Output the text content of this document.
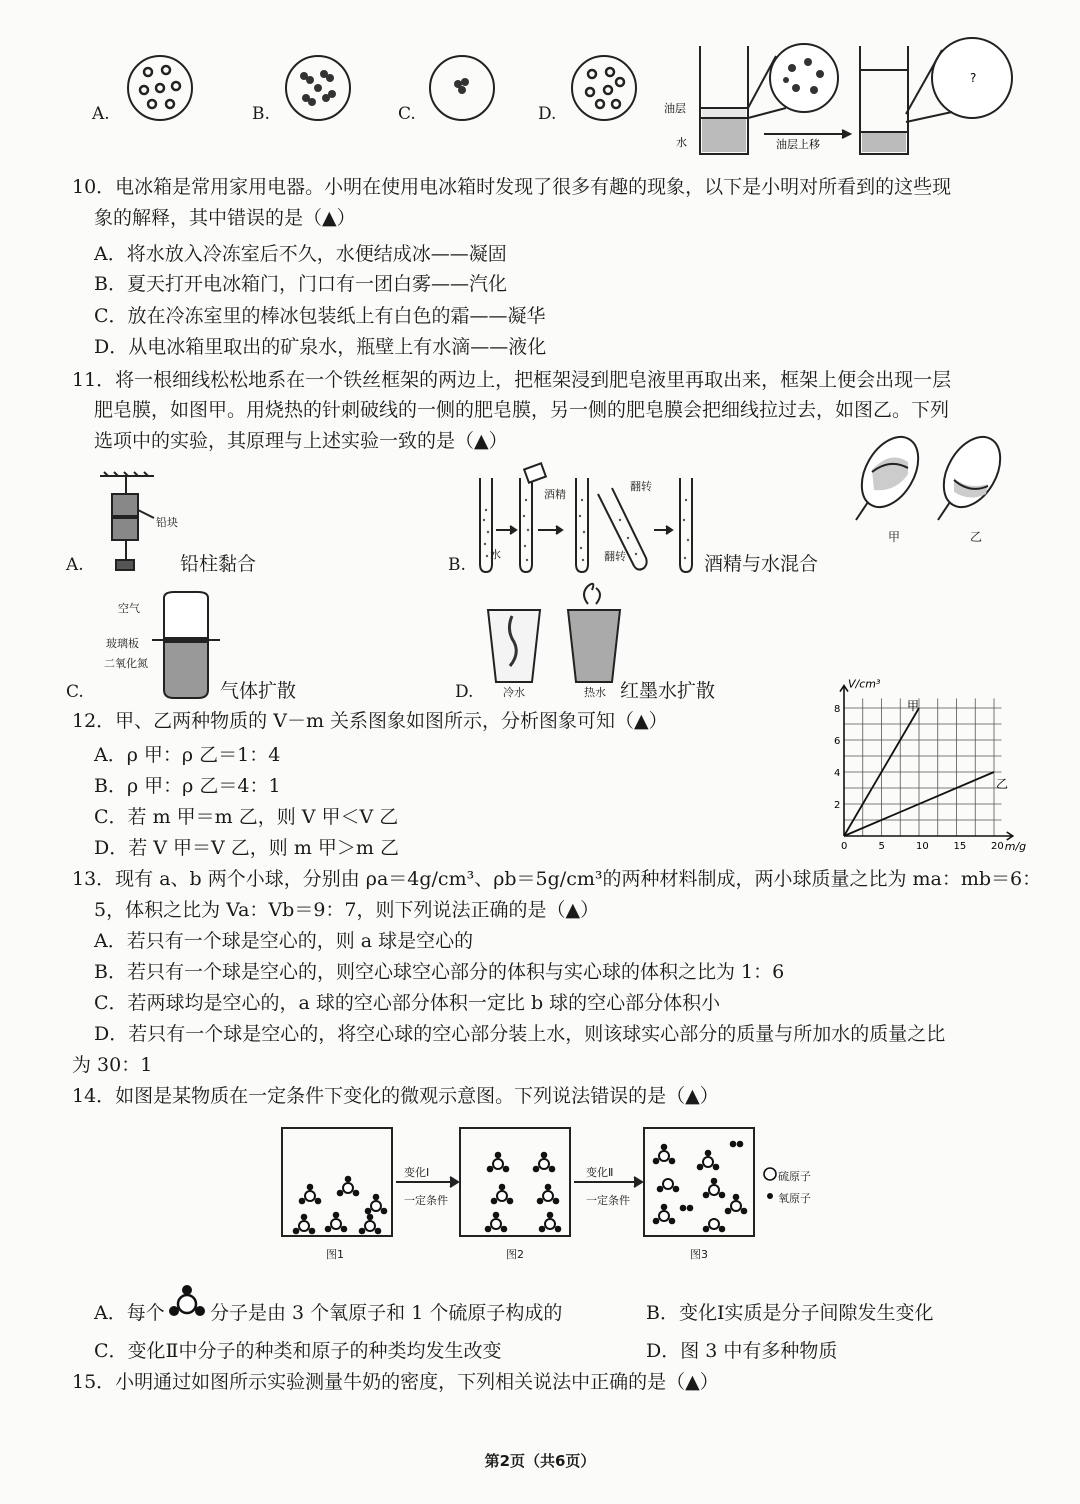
A.	B.	C.	D.	油层
水	油层上移
?
10．电冰箱是常用家用电器。小明在使用电冰箱时发现了很多有趣的现象，以下是小明对所看到的这些现
象的解释，其中错误的是（▲）
A．将水放入冷冻室后不久，水便结成冰——凝固
B．夏天打开电冰箱门，门口有一团白雾——汽化
C．放在冷冻室里的棒冰包装纸上有白色的霜——凝华
D．从电冰箱里取出的矿泉水，瓶壁上有水滴——液化
11．将一根细线松松地系在一个铁丝框架的两边上，把框架浸到肥皂液里再取出来，框架上便会出现一层
肥皂膜，如图甲。用烧热的针刺破线的一侧的肥皂膜，另一侧的肥皂膜会把细线拉过去，如图乙。下列
选项中的实验，其原理与上述实验一致的是（▲）
甲	乙
铅块
A.	铅柱黏合
酒精
水
翻转
翻转
B.	酒精与水混合
空气
玻璃板
二氧化氮
C.	气体扩散	冷水	热水
D.	红墨水扩散
12．甲、乙两种物质的 V－m 关系图象如图所示，分析图象可知（▲）
A．ρ 甲：ρ 乙＝1：4
B．ρ 甲：ρ 乙＝4：1
C．若 m 甲＝m 乙，则 V 甲＜V 乙
D．若 V 甲＝V 乙，则 m 甲＞m 乙
甲
乙
0	5	10 15 20
2
4
6
8
V/cm³
m/g
13．现有 a、b 两个小球，分别由 ρa＝4g/cm³、ρb＝5g/cm³的两种材料制成，两小球质量之比为 ma：mb＝6：
5，体积之比为 Va：Vb＝9：7，则下列说法正确的是（▲）
A．若只有一个球是空心的，则 a 球是空心的
B．若只有一个球是空心的，则空心球空心部分的体积与实心球的体积之比为 1：6
C．若两球均是空心的，a 球的空心部分体积一定比 b 球的空心部分体积小
D．若只有一个球是空心的，将空心球的空心部分装上水，则该球实心部分的质量与所加水的质量之比
为 30：1
14．如图是某物质在一定条件下变化的微观示意图。下列说法错误的是（▲）
变化Ⅰ
一定条件
变化Ⅱ
一定条件
硫原子
氧原子
图1	图2	图3
A．每个 分子是由 3 个氧原子和 1 个硫原子构成的	B．变化Ⅰ实质是分子间隙发生变化
C．变化Ⅱ中分子的种类和原子的种类均发生改变	D．图 3 中有多种物质
15．小明通过如图所示实验测量牛奶的密度，下列相关说法中正确的是（▲）
第2页（共6页）
